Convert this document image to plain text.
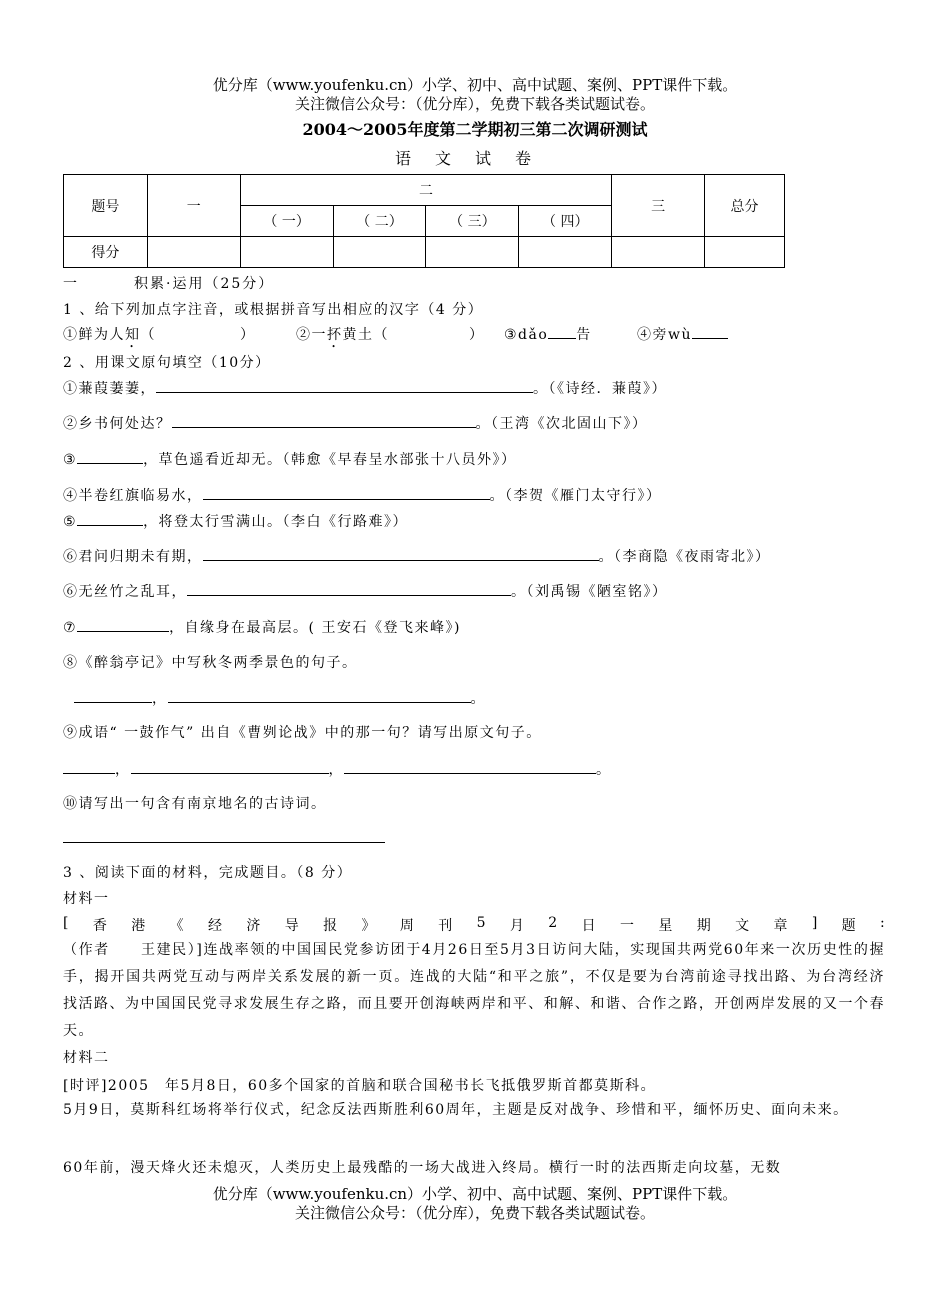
优分库（www.youfenku.cn）小学、初中、高中试题、案例、PPT课件下载。
关注微信公众号：（优分库），免费下载各类试题试卷。
2004～2005年度第二学期初三第二次调研测试
语文试卷
题号	一	二				三	总分
		（ 一）	（ 二）	（ 三）	（ 四）		
得分							
一	积累·运用（25分）
1 、给下列加点字注音，或根据拼音写出相应的汉字（4 分）
①鲜为人知（	）	②一抔黄土（	） ③dǎo 告	④旁wù
2 、用课文原句填空（10分）
①蒹葭萋萋，	。（《诗经．蒹葭》）
②乡书何处达？	。（王湾《次北固山下》）
③	，草色遥看近却无。（韩愈《早春呈水部张十八员外》）
④半卷红旗临易水，	。（李贺《雁门太守行》）
⑤	，将登太行雪满山。（李白《行路难》）
⑥君问归期未有期，	。（李商隐《夜雨寄北》）
⑥无丝竹之乱耳，	。（刘禹锡《陋室铭》）
⑦	，自缘身在最高层。( 王安石《登飞来峰》)
⑧《醉翁亭记》中写秋冬两季景色的句子。
，	。
⑨成语“ 一鼓作气” 出自《曹刿论战》中的那一句？请写出原文句子。
，	，	。
⑩请写出一句含有南京地名的古诗词。
3 、阅读下面的材料，完成题目。（8 分）
材料一
[ 香 港 《 经 济 导 报 》 周 刊 5 月 2 日 一 星 期 文 章 ] 题 :
（作者　　王建民）]连战率领的中国国民党参访团于4月26日至5月3日访问大陆，实现国共两党60年来一次历史性的握手，揭开国共两党互动与两岸关系发展的新一页。连战的大陆“和平之旅”，不仅是要为台湾前途寻找出路、为台湾经济找活路、为中国国民党寻求发展生存之路，而且要开创海峡两岸和平、和解、和谐、合作之路，开创两岸发展的又一个春天。
材料二
[时评]2005　年5月8日，60多个国家的首脑和联合国秘书长飞抵俄罗斯首都莫斯科。
5月9日，莫斯科红场将举行仪式，纪念反法西斯胜利60周年，主题是反对战争、珍惜和平，缅怀历史、面向未来。
60年前，漫天烽火还未熄灭，人类历史上最残酷的一场大战进入终局。横行一时的法西斯走向坟墓，无数
优分库（www.youfenku.cn）小学、初中、高中试题、案例、PPT课件下载。
关注微信公众号：（优分库），免费下载各类试题试卷。
